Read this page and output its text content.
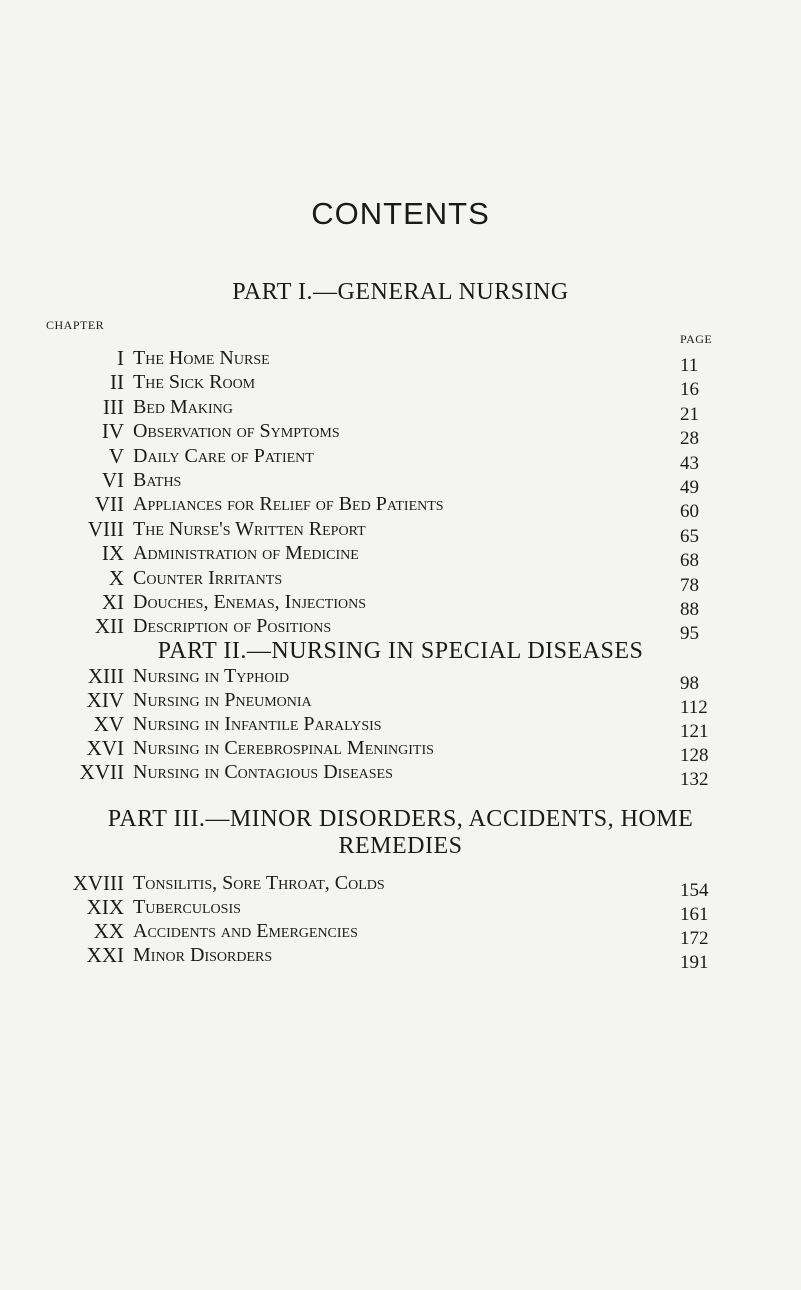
CONTENTS
PART I.—GENERAL NURSING
CHAPTER
PAGE
I The Home Nurse	11
II The Sick Room	16
III Bed Making	21
IV Observation of Symptoms	28
V Daily Care of Patient	43
VI Baths	49
VII Appliances for Relief of Bed Patients	60
VIII The Nurse's Written Report	65
IX Administration of Medicine	68
X Counter Irritants	78
XI Douches, Enemas, Injections	88
XII Description of Positions	95
PART II.—NURSING IN SPECIAL DISEASES
XIII Nursing in Typhoid	98
XIV Nursing in Pneumonia	112
XV Nursing in Infantile Paralysis	121
XVI Nursing in Cerebrospinal Meningitis	128
XVII Nursing in Contagious Diseases	132
PART III.—MINOR DISORDERS, ACCIDENTS, HOME
REMEDIES
XVIII Tonsilitis, Sore Throat, Colds	154
XIX Tuberculosis	161
XX Accidents and Emergencies	172
XXI Minor Disorders	191
